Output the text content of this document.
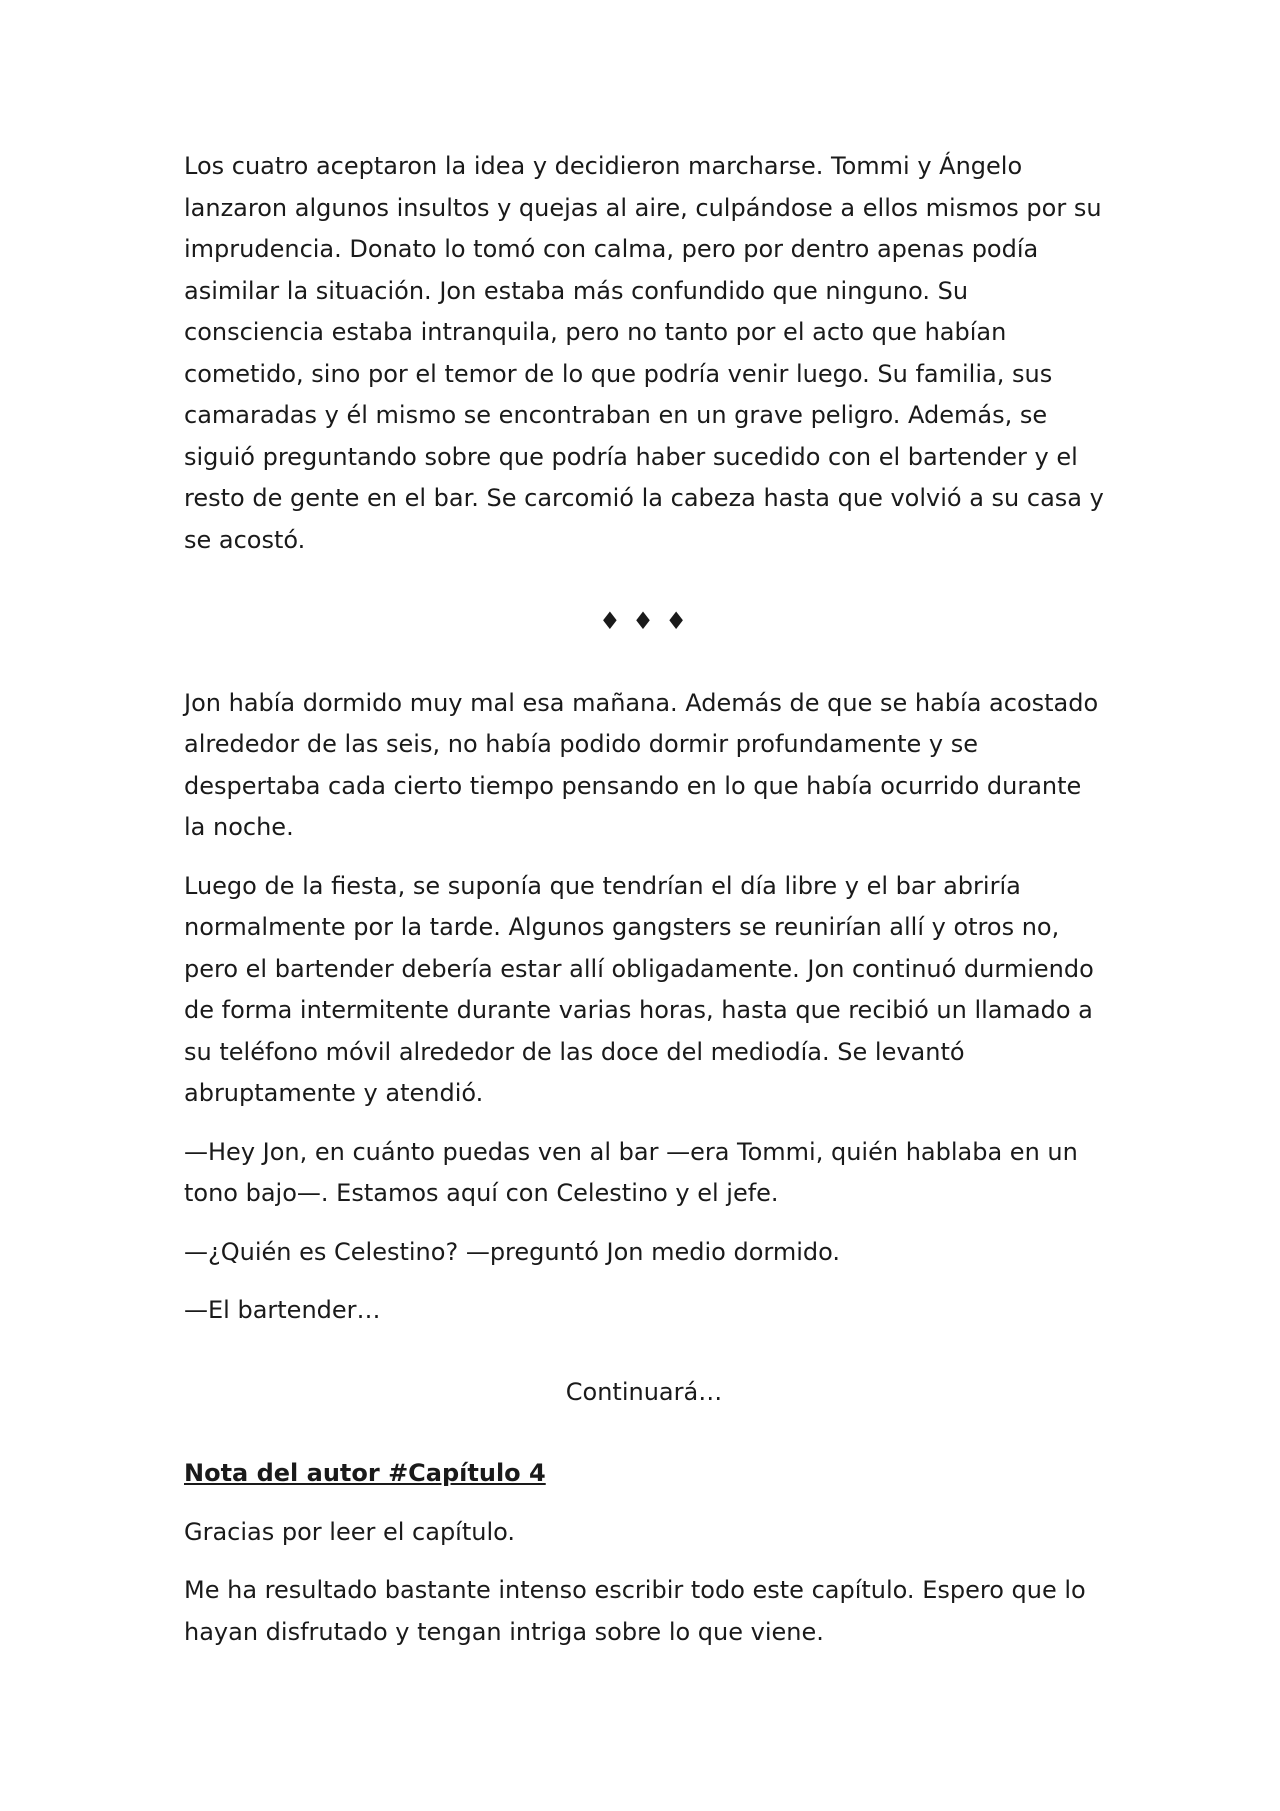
Los cuatro aceptaron la idea y decidieron marcharse. Tommi y Ángelo lanzaron algunos insultos y quejas al aire, culpándose a ellos mismos por su imprudencia. Donato lo tomó con calma, pero por dentro apenas podía asimilar la situación. Jon estaba más confundido que ninguno. Su consciencia estaba intranquila, pero no tanto por el acto que habían cometido, sino por el temor de lo que podría venir luego. Su familia, sus camaradas y él mismo se encontraban en un grave peligro. Además, se siguió preguntando sobre que podría haber sucedido con el bartender y el resto de gente en el bar. Se carcomió la cabeza hasta que volvió a su casa y se acostó.

♦ ♦ ♦

Jon había dormido muy mal esa mañana. Además de que se había acostado alrededor de las seis, no había podido dormir profundamente y se despertaba cada cierto tiempo pensando en lo que había ocurrido durante la noche.

Luego de la fiesta, se suponía que tendrían el día libre y el bar abriría normalmente por la tarde. Algunos gangsters se reunirían allí y otros no, pero el bartender debería estar allí obligadamente. Jon continuó durmiendo de forma intermitente durante varias horas, hasta que recibió un llamado a su teléfono móvil alrededor de las doce del mediodía. Se levantó abruptamente y atendió.

—Hey Jon, en cuánto puedas ven al bar —era Tommi, quién hablaba en un tono bajo—. Estamos aquí con Celestino y el jefe.

—¿Quién es Celestino? —preguntó Jon medio dormido.

—El bartender…

Continuará…

Nota del autor #Capítulo 4

Gracias por leer el capítulo.

Me ha resultado bastante intenso escribir todo este capítulo. Espero que lo hayan disfrutado y tengan intriga sobre lo que viene.
